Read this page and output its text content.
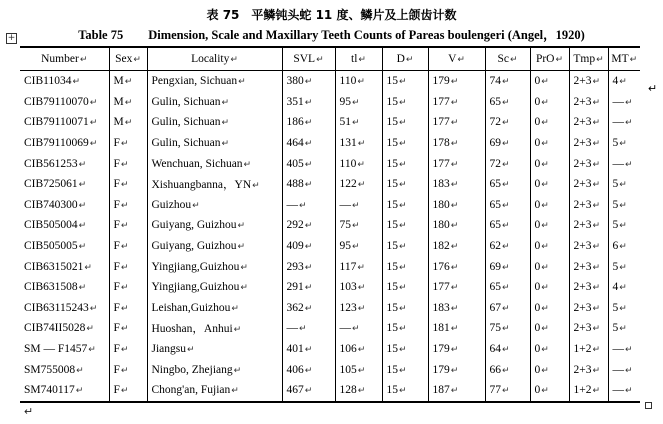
表 75　平鳞钝头蛇 11 度、鳞片及上颌齿计数
Table 75　　Dimension, Scale and Maxillary Teeth Counts of Pareas boulengeri (Angel，1920)
+
Number↵	Sex↵	Locality↵	SVL↵	tl↵	D↵	V↵	Sc↵	PrO↵	Tmp↵	MT↵
CIB11034↵	M↵	Pengxian, Sichuan↵	380↵	110↵	15↵	179↵	74↵	0↵	2+3↵	4↵
CIB79110070↵	M↵	Gulin, Sichuan↵	351↵	95↵	15↵	177↵	65↵	0↵	2+3↵	—↵
CIB79110071↵	M↵	Gulin, Sichuan↵	186↵	51↵	15↵	177↵	72↵	0↵	2+3↵	—↵
CIB79110069↵	F↵	Gulin, Sichuan↵	464↵	131↵	15↵	178↵	69↵	0↵	2+3↵	5↵
CIB561253↵	F↵	Wenchuan, Sichuan↵	405↵	110↵	15↵	177↵	72↵	0↵	2+3↵	—↵
CIB725061↵	F↵	Xishuangbanna，YN↵	488↵	122↵	15↵	183↵	65↵	0↵	2+3↵	5↵
CIB740300↵	F↵	Guizhou↵	—↵	—↵	15↵	180↵	65↵	0↵	2+3↵	5↵
CIB505004↵	F↵	Guiyang, Guizhou↵	292↵	75↵	15↵	180↵	65↵	0↵	2+3↵	5↵
CIB505005↵	F↵	Guiyang, Guizhou↵	409↵	95↵	15↵	182↵	62↵	0↵	2+3↵	6↵
CIB6315021↵	F↵	Yingjiang,Guizhou↵	293↵	117↵	15↵	176↵	69↵	0↵	2+3↵	5↵
CIB631508↵	F↵	Yingjiang,Guizhou↵	291↵	103↵	15↵	177↵	65↵	0↵	2+3↵	4↵
CIB63115243↵	F↵	Leishan,Guizhou↵	362↵	123↵	15↵	183↵	67↵	0↵	2+3↵	5↵
CIB74II5028↵	F↵	Huoshan，Anhui↵	—↵	—↵	15↵	181↵	75↵	0↵	2+3↵	5↵
SM — F1457↵	F↵	Jiangsu↵	401↵	106↵	15↵	179↵	64↵	0↵	1+2↵	—↵
SM755008↵	F↵	Ningbo, Zhejiang↵	406↵	105↵	15↵	179↵	66↵	0↵	2+3↵	—↵
SM740117↵	F↵	Chong'an, Fujian↵	467↵	128↵	15↵	187↵	77↵	0↵	1+2↵	—↵
↵
↵
